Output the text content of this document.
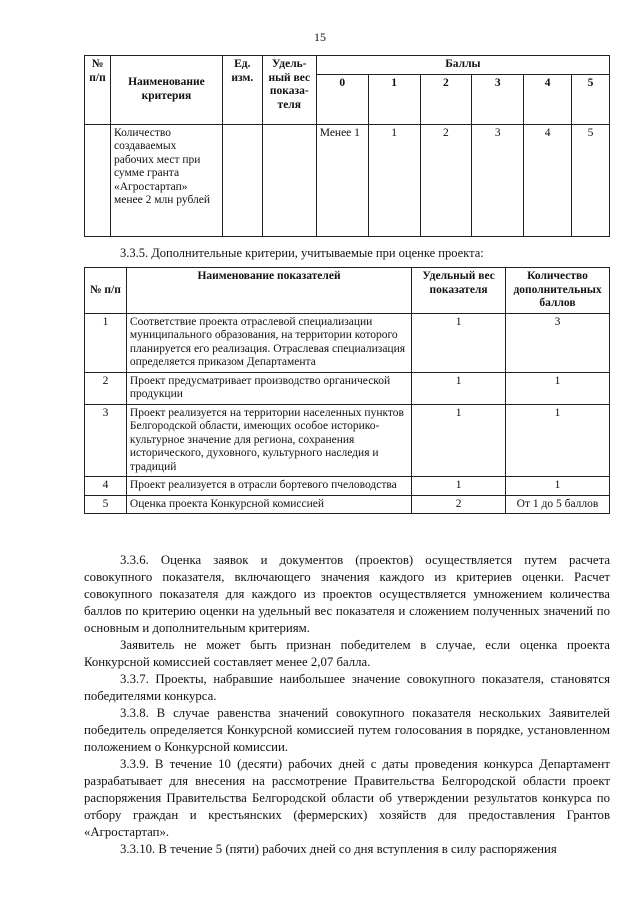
15
№ п/п	Наименование критерия	Ед. изм.	Удель-ный вес показа-теля	Баллы					
				0	1	2	3	4	5
	Количество создаваемых рабочих мест при сумме гранта «Агростартап» менее 2 млн рублей			Менее 1	1	2	3	4	5
3.3.5. Дополнительные критерии, учитываемые при оценке проекта:
№ п/п	Наименование показателей	Удельный вес показателя	Количество дополнительных баллов
1	Соответствие проекта отраслевой специализации муниципального образования, на территории которого планируется его реализация. Отраслевая специализация определяется приказом Департамента	1	3
2	Проект предусматривает производство органической продукции	1	1
3	Проект реализуется на территории населенных пунктов Белгородской области, имеющих особое историко-культурное значение для региона, сохранения исторического, духовного, культурного наследия и традиций	1	1
4	Проект реализуется в отрасли бортевого пчеловодства	1	1
5	Оценка проекта Конкурсной комиссией	2	От 1 до 5 баллов

3.3.6. Оценка заявок и документов (проектов) осуществляется путем расчета совокупного показателя, включающего значения каждого из критериев оценки. Расчет совокупного показателя для каждого из проектов осуществляется умножением количества баллов по критерию оценки на удельный вес показателя и сложением полученных значений по основным и дополнительным критериям.

Заявитель не может быть признан победителем в случае, если оценка проекта Конкурсной комиссией составляет менее 2,07 балла.

3.3.7. Проекты, набравшие наибольшее значение совокупного показателя, становятся победителями конкурса.

3.3.8. В случае равенства значений совокупного показателя нескольких Заявителей победитель определяется Конкурсной комиссией путем голосования в порядке, установленном положением о Конкурсной комиссии.

3.3.9. В течение 10 (десяти) рабочих дней с даты проведения конкурса Департамент разрабатывает для внесения на рассмотрение Правительства Белгородской области проект распоряжения Правительства Белгородской области об утверждении результатов конкурса по отбору граждан и крестьянских (фермерских) хозяйств для предоставления Грантов «Агростартап».

3.3.10. В течение 5 (пяти) рабочих дней со дня вступления в силу распоряжения
